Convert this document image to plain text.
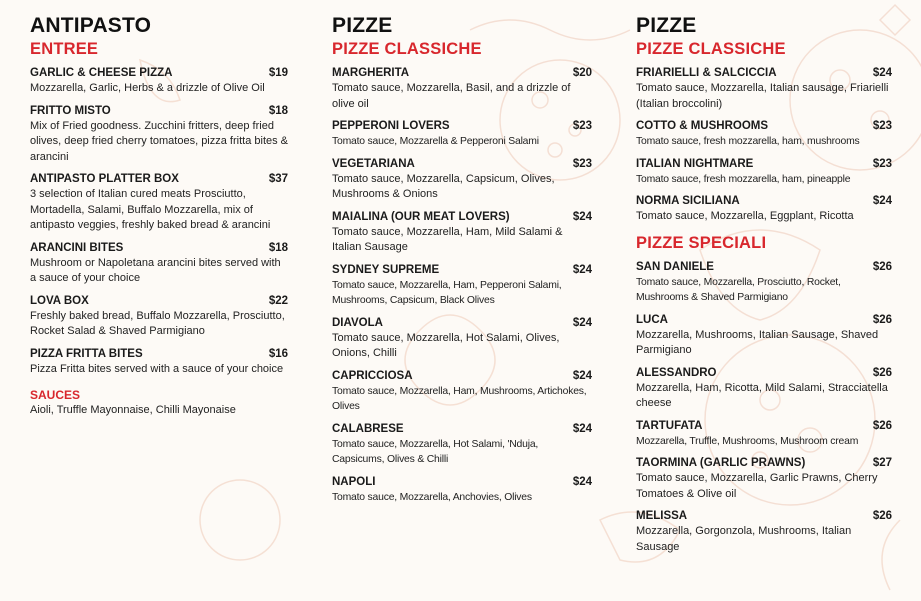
ANTIPASTO
ENTREE
GARLIC & CHEESE PIZZA	$19
Mozzarella, Garlic, Herbs & a drizzle of Olive Oil
FRITTO MISTO	$18
Mix of Fried goodness. Zucchini fritters, deep fried olives, deep fried cherry tomatoes, pizza fritta bites & arancini
ANTIPASTO PLATTER BOX	$37
3 selection of Italian cured meats Prosciutto, Mortadella, Salami, Buffalo Mozzarella, mix of antipasto veggies, freshly baked bread & arancini
ARANCINI BITES	$18
Mushroom or Napoletana arancini bites served with a sauce of your choice
LOVA BOX	$22
Freshly baked bread, Buffalo Mozzarella, Prosciutto, Rocket Salad & Shaved Parmigiano
PIZZA FRITTA BITES	$16
Pizza Fritta bites served with a sauce of your choice
SAUCES
Aioli, Truffle Mayonnaise, Chilli Mayonaise
PIZZE
PIZZE CLASSICHE
MARGHERITA	$20
Tomato sauce, Mozzarella, Basil, and a drizzle of olive oil
PEPPERONI LOVERS	$23
Tomato sauce, Mozzarella & Pepperoni Salami
VEGETARIANA	$23
Tomato sauce, Mozzarella, Capsicum, Olives, Mushrooms & Onions
MAIALINA (OUR MEAT LOVERS)	$24
Tomato sauce, Mozzarella, Ham, Mild Salami & Italian Sausage
SYDNEY SUPREME	$24
Tomato sauce, Mozzarella, Ham, Pepperoni Salami, Mushrooms, Capsicum, Black Olives
DIAVOLA	$24
Tomato sauce, Mozzarella, Hot Salami, Olives, Onions, Chilli
CAPRICCIOSA	$24
Tomato sauce, Mozzarella, Ham, Mushrooms, Artichokes, Olives
CALABRESE	$24
Tomato sauce, Mozzarella, Hot Salami, 'Nduja, Capsicums, Olives & Chilli
NAPOLI	$24
Tomato sauce, Mozzarella, Anchovies, Olives
PIZZE
PIZZE CLASSICHE
FRIARIELLI & SALCICCIA	$24
Tomato sauce, Mozzarella, Italian sausage, Friarielli (Italian broccolini)
COTTO & MUSHROOMS	$23
Tomato sauce, fresh mozzarella, ham, mushrooms
ITALIAN NIGHTMARE	$23
Tomato sauce, fresh mozzarella, ham, pineapple
NORMA SICILIANA	$24
Tomato sauce, Mozzarella, Eggplant, Ricotta
PIZZE SPECIALI
SAN DANIELE	$26
Tomato sauce, Mozzarella, Prosciutto, Rocket, Mushrooms & Shaved Parmigiano
LUCA	$26
Mozzarella, Mushrooms, Italian Sausage, Shaved Parmigiano
ALESSANDRO	$26
Mozzarella, Ham, Ricotta, Mild Salami, Stracciatella cheese
TARTUFATA	$26
Mozzarella, Truffle, Mushrooms, Mushroom cream
TAORMINA (GARLIC PRAWNS)	$27
Tomato sauce, Mozzarella, Garlic Prawns, Cherry Tomatoes & Olive oil
MELISSA	$26
Mozzarella, Gorgonzola, Mushrooms, Italian Sausage
